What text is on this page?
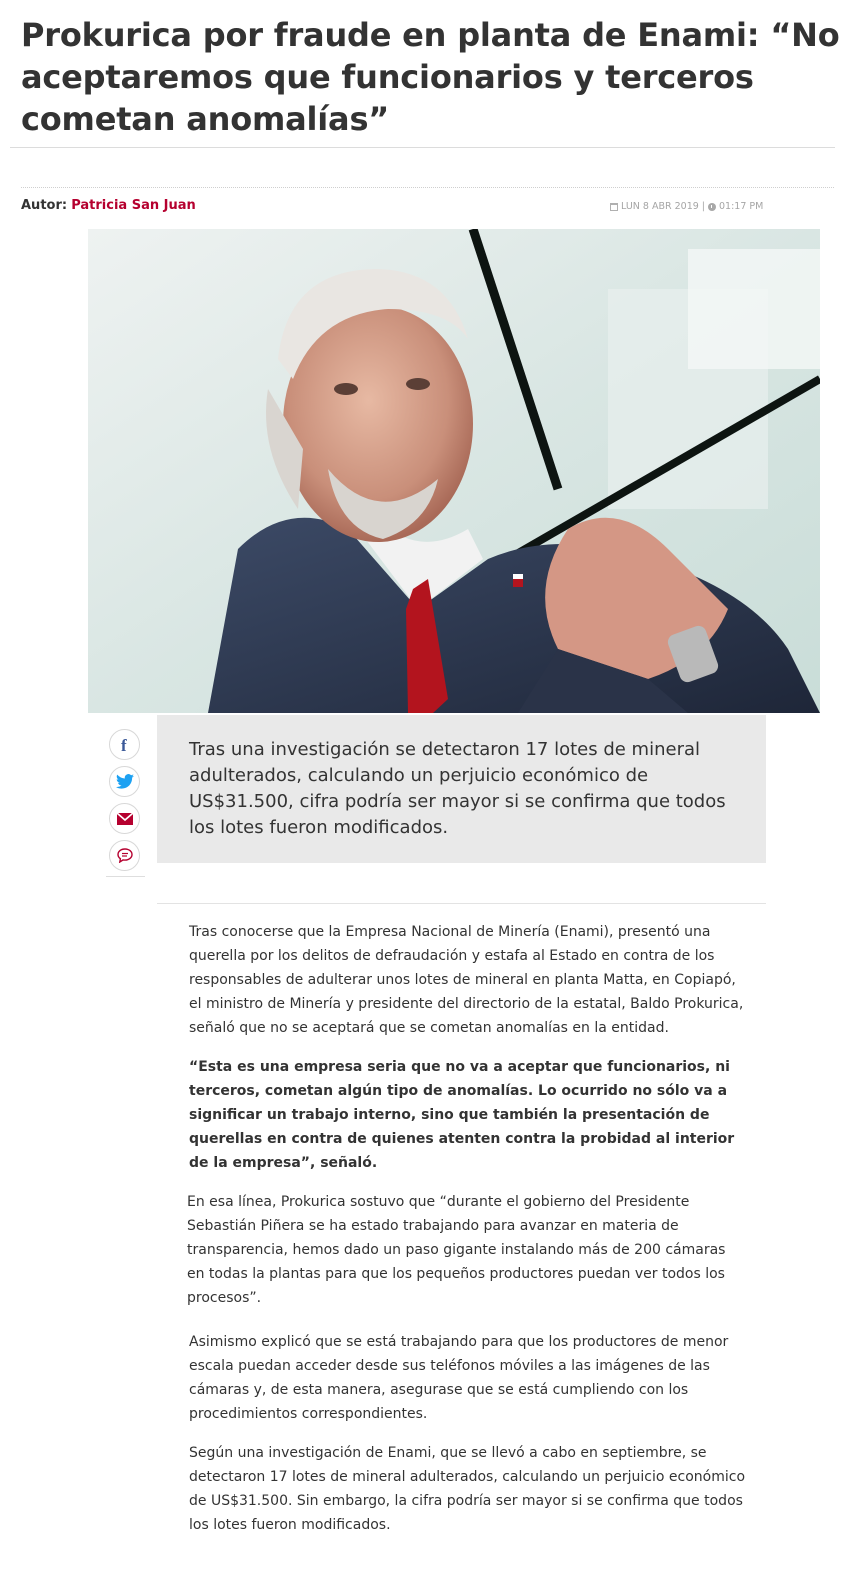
Prokurica por fraude en planta de Enami: “No aceptaremos que funcionarios y terceros cometan anomalías”
Autor: Patricia San Juan	LUN 8 ABR 2019 | 01:17 PM
f	Tras una investigación se detectaron 17 lotes de mineral adulterados, calculando un perjuicio económico de US$31.500, cifra podría ser mayor si se confirma que todos los lotes fueron modificados.

Tras conocerse que la Empresa Nacional de Minería (Enami), presentó una querella por los delitos de defraudación y estafa al Estado en contra de los responsables de adulterar unos lotes de mineral en planta Matta, en Copiapó, el ministro de Minería y presidente del directorio de la estatal, Baldo Prokurica, señaló que no se aceptará que se cometan anomalías en la entidad.

“Esta es una empresa seria que no va a aceptar que funcionarios, ni terceros, cometan algún tipo de anomalías. Lo ocurrido no sólo va a significar un trabajo interno, sino que también la presentación de querellas en contra de quienes atenten contra la probidad al interior de la empresa”, señaló.

En esa línea, Prokurica sostuvo que “durante el gobierno del Presidente Sebastián Piñera se ha estado trabajando para avanzar en materia de transparencia, hemos dado un paso gigante instalando más de 200 cámaras en todas la plantas para que los pequeños productores puedan ver todos los procesos”.

Asimismo explicó que se está trabajando para que los productores de menor escala puedan acceder desde sus teléfonos móviles a las imágenes de las cámaras y, de esta manera, asegurase que se está cumpliendo con los procedimientos correspondientes.

Según una investigación de Enami, que se llevó a cabo en septiembre, se detectaron 17 lotes de mineral adulterados, calculando un perjuicio económico de US$31.500. Sin embargo, la cifra podría ser mayor si se confirma que todos los lotes fueron modificados.
